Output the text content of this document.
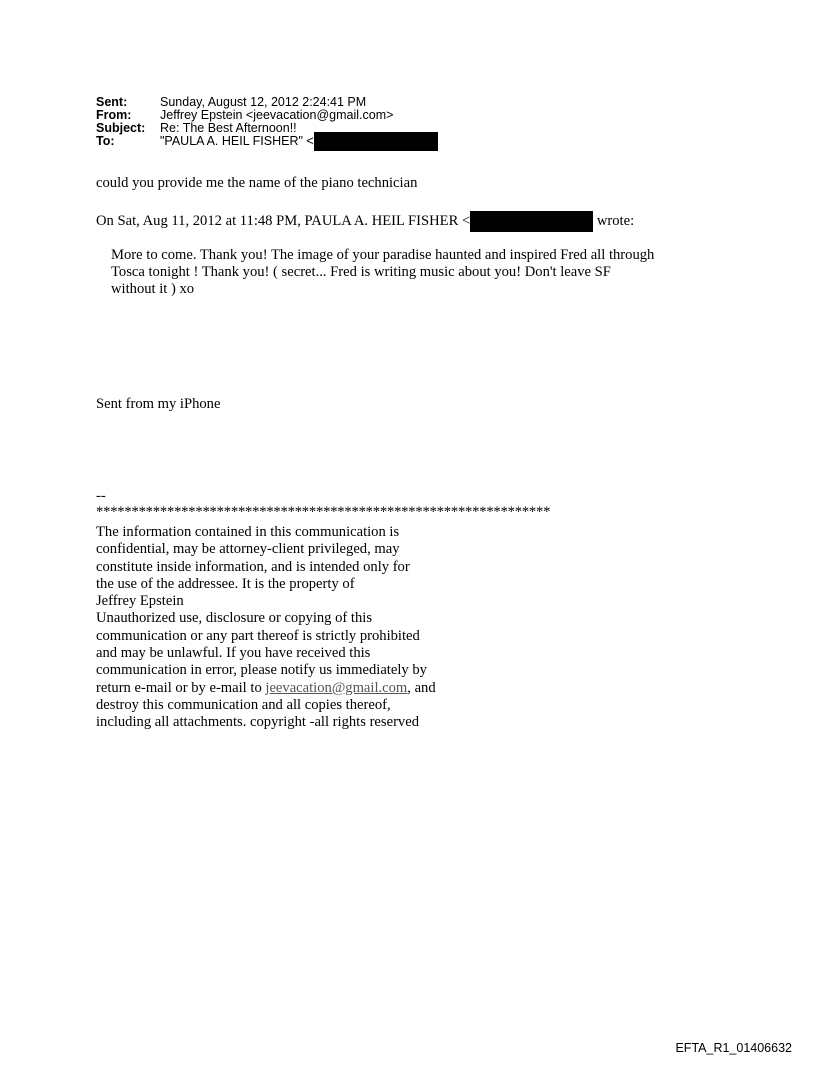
Sent:	Sunday, August 12, 2012 2:24:41 PM
From:	Jeffrey Epstein <jeevacation@gmail.com>
Subject:	Re: The Best Afternoon!!
To:	"PAULA A. HEIL FISHER" <
could you provide me the name of the piano technician
On Sat, Aug 11, 2012 at 11:48 PM, PAULA A. HEIL FISHER <	wrote:
More to come. Thank you! The image of your paradise haunted and inspired Fred all through
Tosca tonight ! Thank you! ( secret... Fred is writing music about you! Don't leave SF
without it ) xo
Sent from my iPhone
--
****************************************************************
The information contained in this communication is
confidential, may be attorney-client privileged, may
constitute inside information, and is intended only for
the use of the addressee. It is the property of
Jeffrey Epstein
Unauthorized use, disclosure or copying of this
communication or any part thereof is strictly prohibited
and may be unlawful. If you have received this
communication in error, please notify us immediately by
return e-mail or by e-mail to jeevacation@gmail.com, and
destroy this communication and all copies thereof,
including all attachments. copyright -all rights reserved
EFTA_R1_01406632
